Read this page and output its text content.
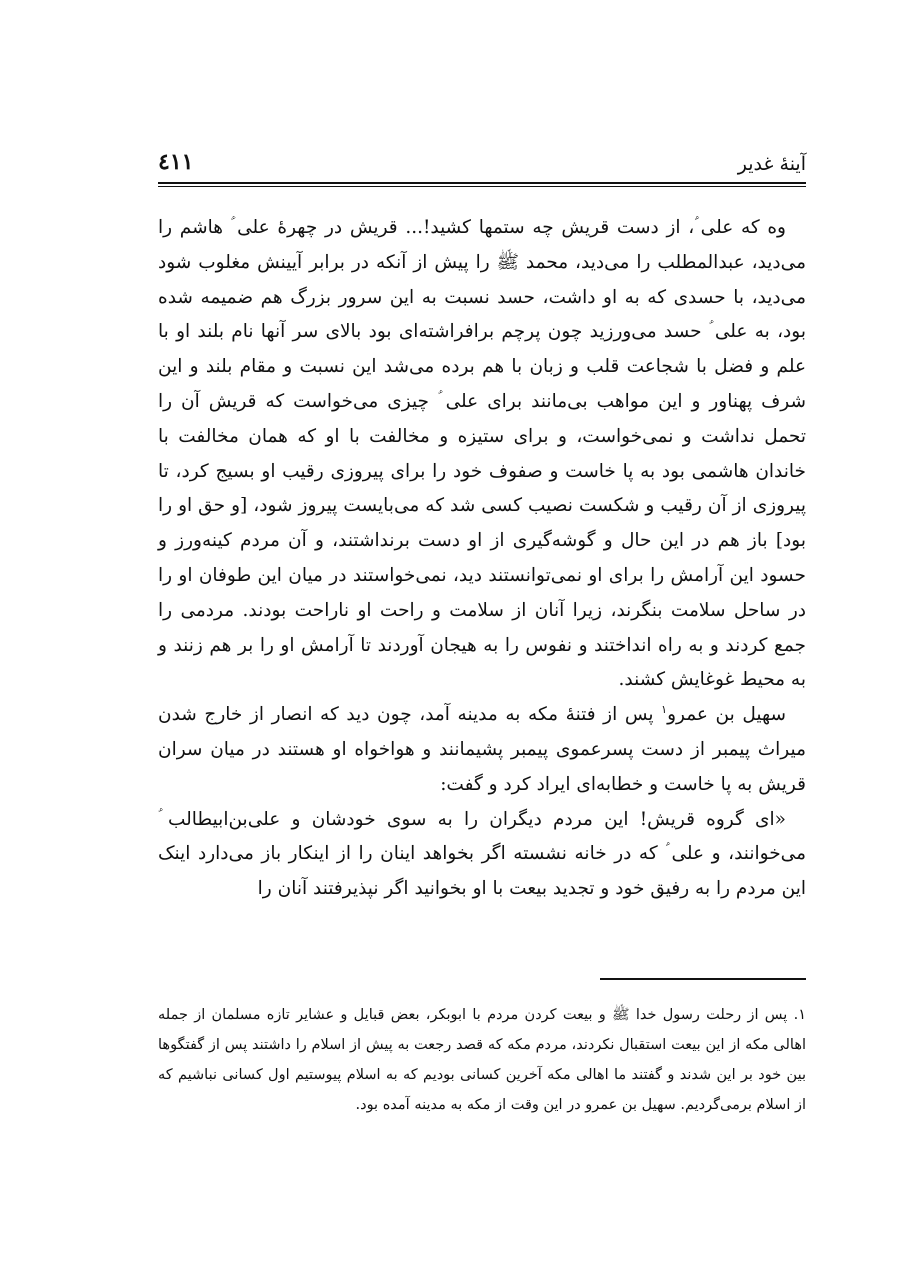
آينهٔ غدير
٤١١

وه كه علی ؑ، از دست قريش چه ستمها كشيد!... قريش در چهرهٔ علی ؑ هاشم را می‌ديد، عبدالمطلب را می‌ديد، محمد ﷺ را پيش از آنكه در برابر آيينش مغلوب شود می‌ديد، با حسدی كه به او داشت، حسد نسبت به اين سرور بزرگ هم ضميمه شده بود، به علی ؑ حسد می‌ورزيد چون پرچم برافراشته‌ای بود بالای سر آنها نام بلند او با علم و فضل با شجاعت قلب و زبان با هم برده می‌شد اين نسبت و مقام بلند و اين شرف پهناور و اين مواهب بی‌مانند برای علی ؑ چيزی می‌خواست كه قريش آن را تحمل نداشت و نمی‌خواست، و برای ستيزه و مخالفت با او كه همان مخالفت با خاندان هاشمی بود به پا خاست و صفوف خود را برای پيروزی رقيب او بسيج كرد، تا پيروزی از آن رقيب و شكست نصيب كسی شد كه می‌بايست پيروز شود، [و حق او را بود] باز هم در اين حال و گوشه‌گيری از او دست برنداشتند، و آن مردم كينه‌ورز و حسود اين آرامش را برای او نمی‌توانستند ديد، نمی‌خواستند در ميان اين طوفان او را در ساحل سلامت بنگرند، زيرا آنان از سلامت و راحت او ناراحت بودند. مردمی را جمع كردند و به راه انداختند و نفوس را به هيجان آوردند تا آرامش او را بر هم زنند و به محيط غوغايش كشند.

سهيل بن عمرو$^١$ پس از فتنهٔ مكه به مدينه آمد، چون ديد كه انصار از خارج شدن ميراث پيمبر از دست پسرعموی پيمبر پشيمانند و هواخواه او هستند در ميان سران قريش به پا خاست و خطابه‌ای ايراد كرد و گفت:

«ای گروه قريش! اين مردم ديگران را به سوی خودشان و علی‌بن‌ابيطالب ؑ می‌خوانند، و علی ؑ كه در خانه نشسته اگر بخواهد اينان را از اينكار باز می‌دارد اينک اين مردم را به رفيق خود و تجديد بيعت با او بخوانيد اگر نپذيرفتند آنان را

١. پس از رحلت رسول خدا ﷺ و بيعت كردن مردم با ابوبكر، بعض قبايل و عشاير تازه مسلمان از جمله اهالی مكه از اين بيعت استقبال نكردند، مردم مكه كه قصد رجعت به پيش از اسلام را داشتند پس از گفتگوها بين خود بر اين شدند و گفتند ما اهالی مكه آخرين كسانی بوديم كه به اسلام پيوستيم اول كسانی نباشيم كه از اسلام برمی‌گرديم. سهيل بن عمرو در اين وقت از مكه به مدينه آمده بود.
